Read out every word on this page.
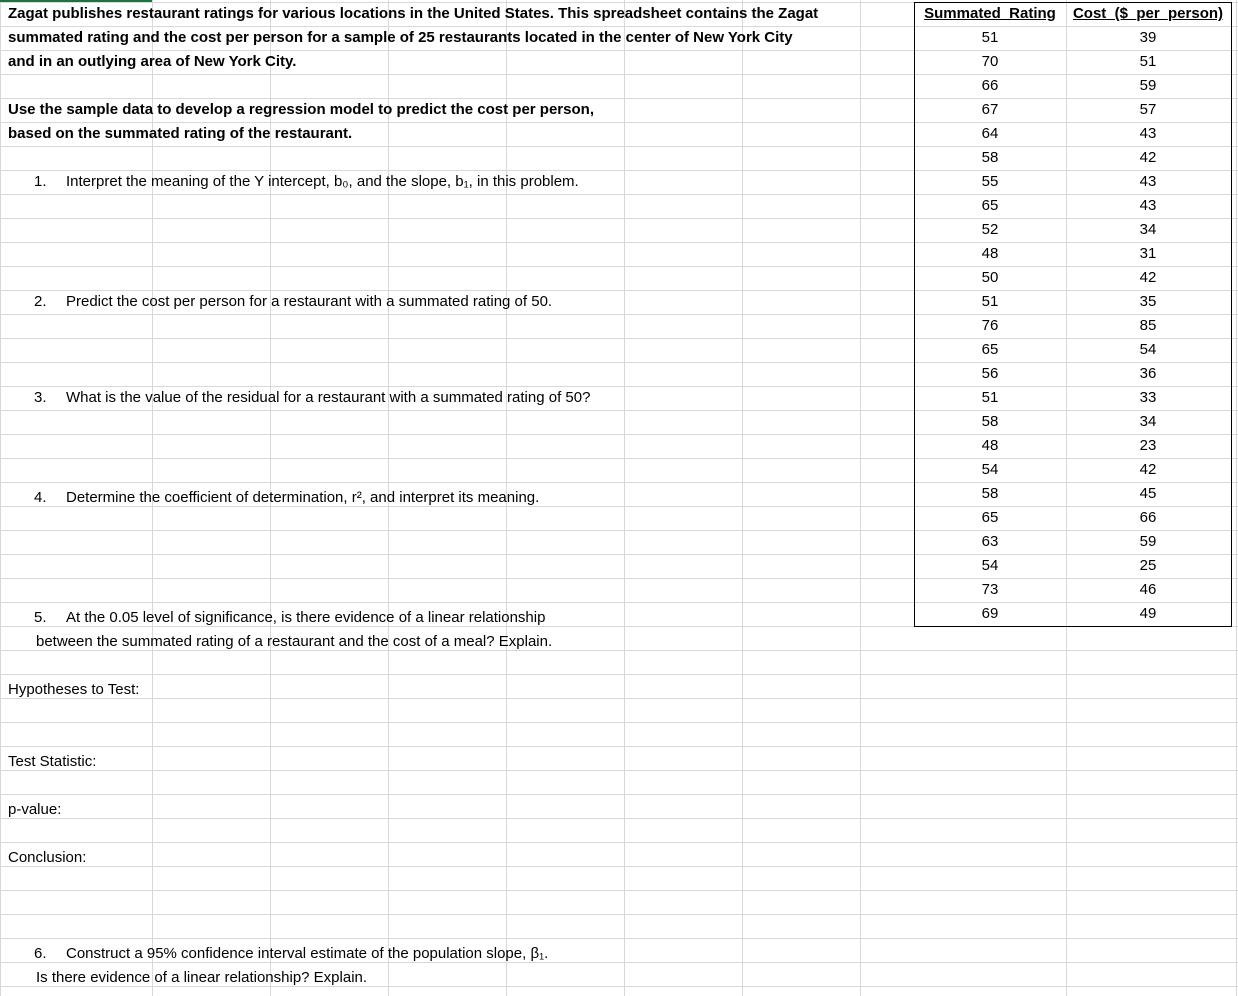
Zagat publishes restaurant ratings for various locations in the United States. This spreadsheet contains the Zagat
summated rating and the cost per person for a sample of 25 restaurants located in the center of New York City
and in an outlying area of New York City.
Use the sample data to develop a regression model to predict the cost per person,
based on the summated rating of the restaurant.
1. Interpret the meaning of the Y intercept, b₀, and the slope, b₁, in this problem.
2. Predict the cost per person for a restaurant with a summated rating of 50.
3. What is the value of the residual for a restaurant with a summated rating of 50?
4. Determine the coefficient of determination, r², and interpret its meaning.
5. At the 0.05 level of significance, is there evidence of a linear relationship
between the summated rating of a restaurant and the cost of a meal? Explain.
Hypotheses to Test:
Test Statistic:
p-value:
Conclusion:
6. Construct a 95% confidence interval estimate of the population slope, β₁.
Is there evidence of a linear relationship? Explain.
Summated_Rating	Cost_($_per_person)
51	39
70	51
66	59
67	57
64	43
58	42
55	43
65	43
52	34
48	31
50	42
51	35
76	85
65	54
56	36
51	33
58	34
48	23
54	42
58	45
65	66
63	59
54	25
73	46
69	49
